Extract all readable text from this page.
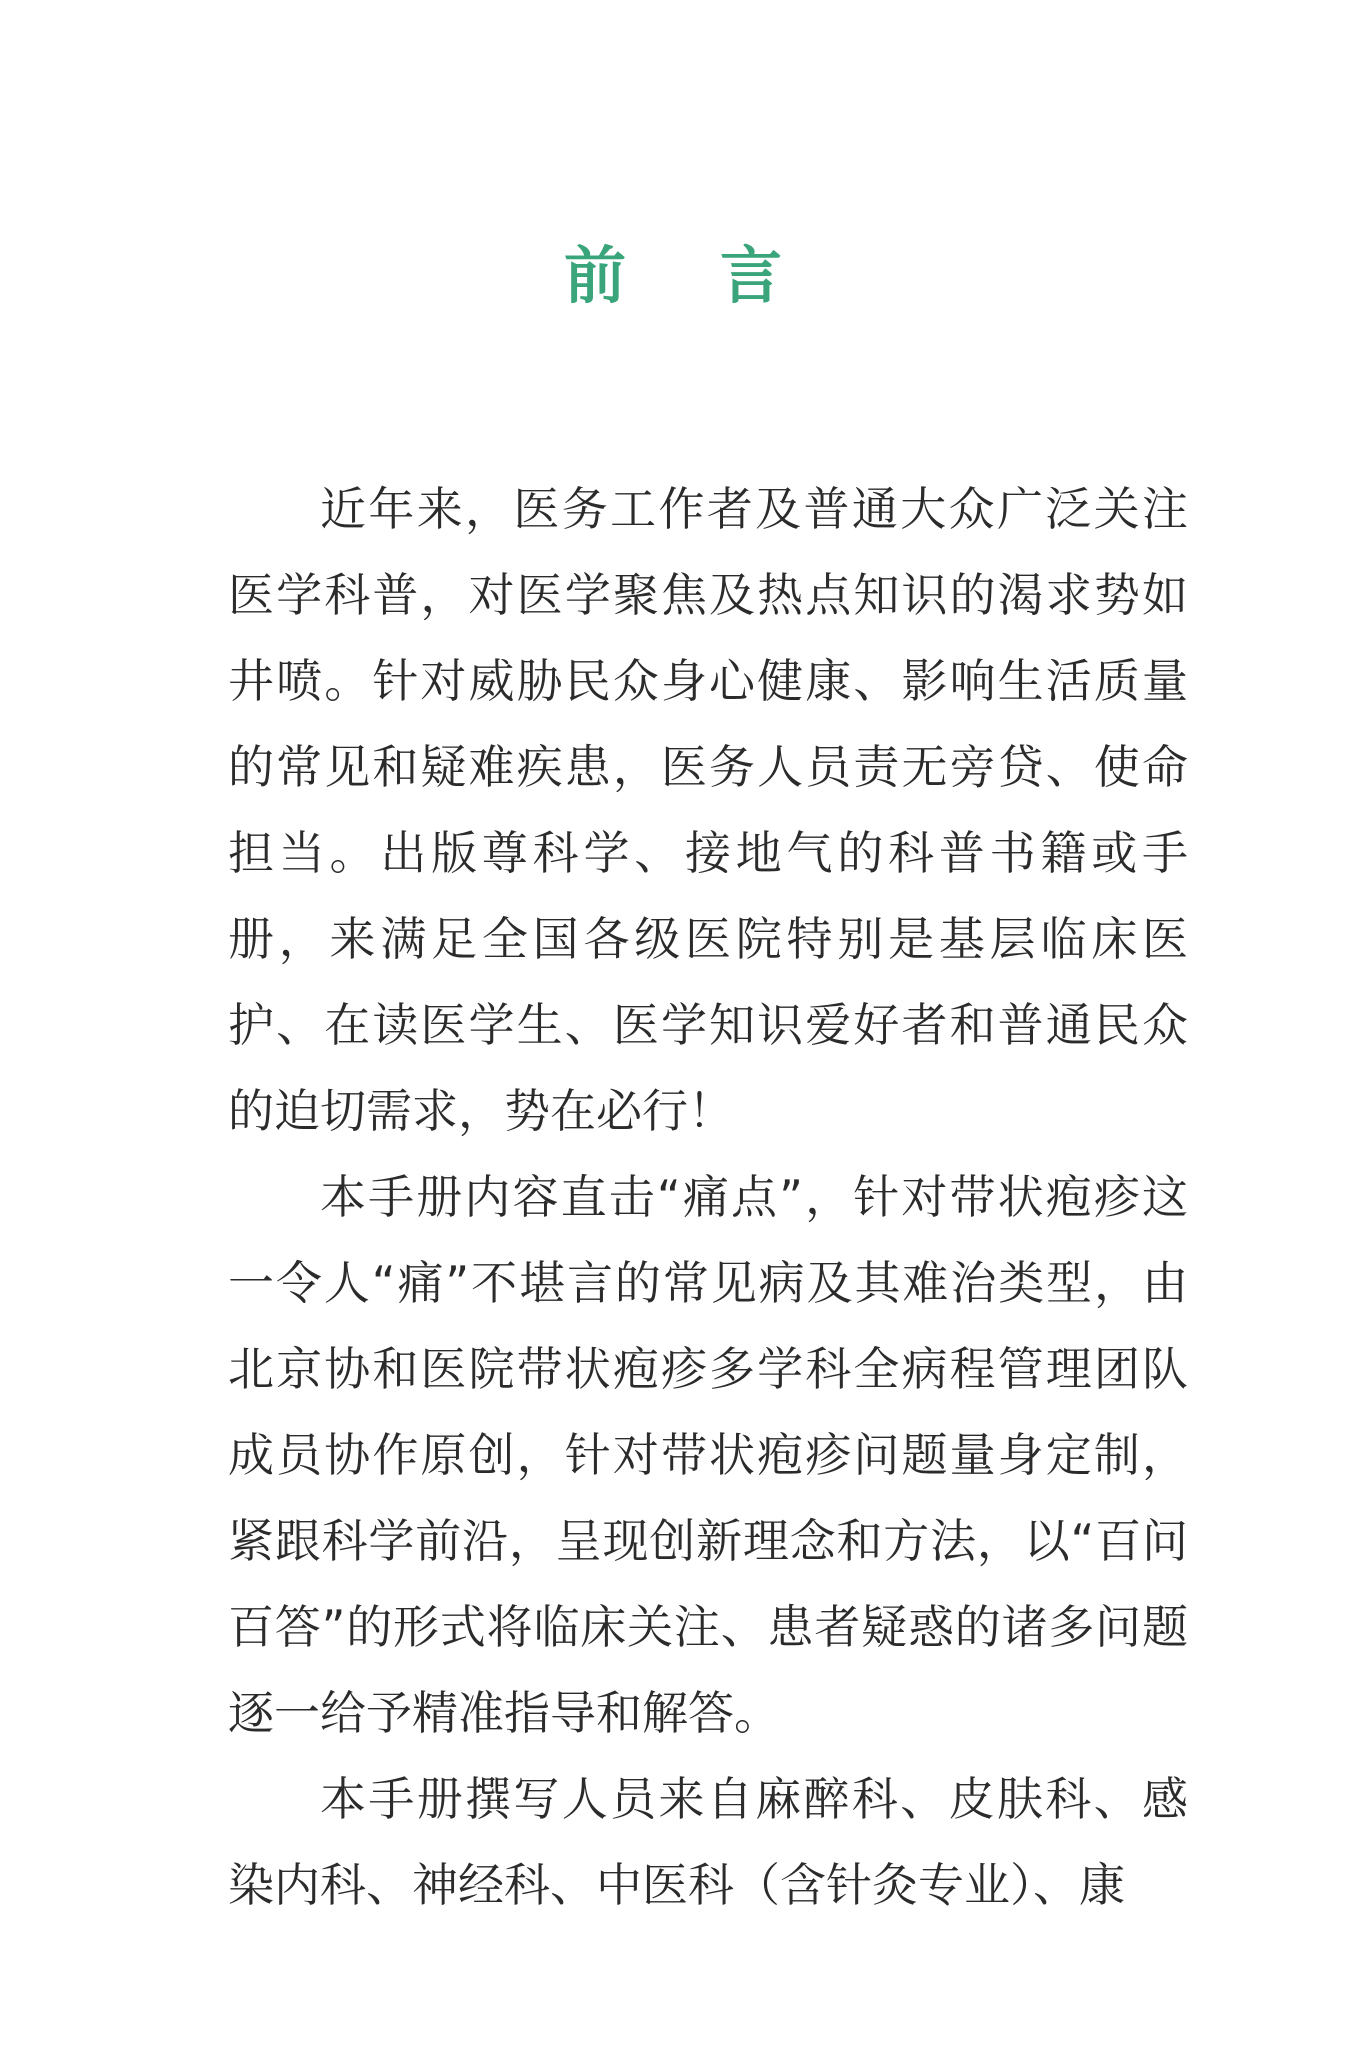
前 言

近年来，医务工作者及普通大众广泛关注医学科普，对医学聚焦及热点知识的渴求势如井喷。针对威胁民众身心健康、影响生活质量的常见和疑难疾患，医务人员责无旁贷、使命担当。出版尊科学、接地气的科普书籍或手册，来满足全国各级医院特别是基层临床医护、在读医学生、医学知识爱好者和普通民众的迫切需求，势在必行！

本手册内容直击“痛点”，针对带状疱疹这一令人“痛”不堪言的常见病及其难治类型，由北京协和医院带状疱疹多学科全病程管理团队成员协作原创，针对带状疱疹问题量身定制，紧跟科学前沿，呈现创新理念和方法，以“百问百答”的形式将临床关注、患者疑惑的诸多问题逐一给予精准指导和解答。

本手册撰写人员来自麻醉科、皮肤科、感染内科、神经科、中医科（含针灸专业）、康
